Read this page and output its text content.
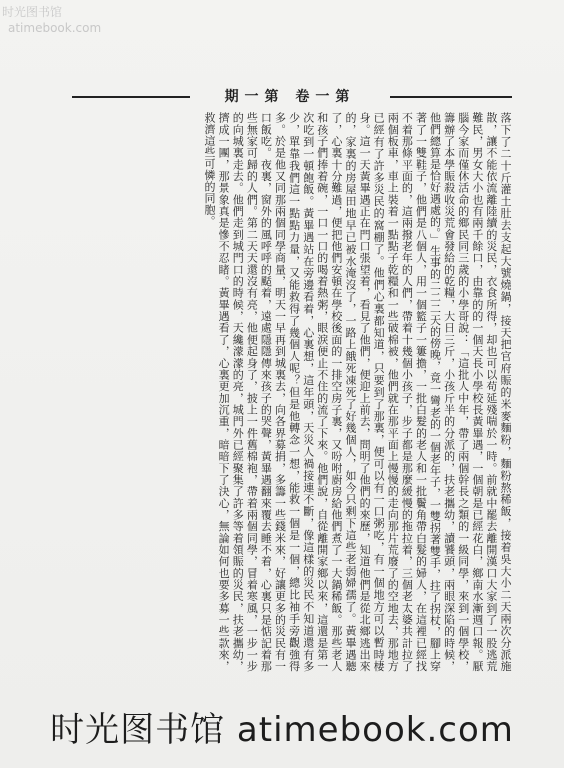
时光图书馆
atimebook.com
期一第 卷一第
落下了二十斤灌土肚去支起大號燒鍋，接天把官府賑的米麥麵粉，麵粉熬稀飯，接着吳大小二天兩次分派施散，讓不能依流離陸續的災民，衣食所得，却也可以苟延殘喘於一時。前就中罷去離開漢口大家到了一股逃荒難民，男女大小也有兩千餘口，由靠的的一個天長小學校長黃畢遇，一個朝是已經花白，鄉南水漸週口報。厭腦今家而僅休活命的鄉民同三歲的小學哥說：「這批人中年，帶了兩個幹長之類的一級同學，來到一個學校，籌辦了本學賑殺收災荒會發給的乾糧，大日三斤，小孩斤半的分派的，扶老攜幼，讀饕頭，兩眼深陷的時候，他們總算是恰好遇處的。」生事的二二二天的傍晚，竟一彎老的一個老年子，一雙拐著雙手，拄了拐杖，腳上穿著了一雙鞋子，他們是八個人，用一個籃子一簍擔，一批白髮的老人和一批鬢角帶白髮的婦人，在這裡已經找不着那條平面的，這兩撥老年的人們，帶着十幾個小孩子，步子都是那麼緩慢的拖拉着，三個老太婆共計拉了兩個板車，車上裝着一點點子乾糧和一些破棉被，他們就在那平面上慢慢的走向那片荒廢了的空地去，那地方已經有了許多災民的窩棚了。他們心裏都知道，只要到了那裏，便可以有一口粥吃，有一個地方可以暫時棲身。這一天黃畢遇正在門口張望着，看見了他們，便迎上前去，問明了他們的來歷，知道他們是從北鄉逃出來的，家裏的房屋田地早已被水淹沒了，一路上餓死凍死了好幾個人，如今只剩下這些老弱婦孺了。黃畢遇聽了，心裏十分難過，便把他們安頓在學校後面的一排空房子裏，又吩咐廚房給他們煮了一大鍋稀飯。那些老人和孩子們捧着碗，一口一口的喝着熱粥，眼淚便止不住的流了下來。他們說，自從離開家鄉以來，這還是第一次吃到一頓飽飯。黃畢遇站在旁邊看着，心裏想，這年頭，天災人禍接連不斷，像這樣的災民不知道還有多少，單靠我們這一點點力量，又能救得了幾個人呢？但是他轉念一想，能救一個是一個，總比袖手旁觀強得多。於是他又同那兩個同學商量，明天一早再到城裏去，向各界募捐，多籌一些錢米來，好讓更多的災民有一口飯吃。夜裏，窗外的風呼呼的颳着，遠處隱隱傳來孩子的哭聲，黃畢遇翻來覆去睡不着，心裏只是惦記着那些無家可歸的人們。第二天天還沒有亮，他便起身了，披上一件舊棉袍，帶着兩個同學，冒着寒風，一步一步的向城裏走去。他們走到城門口的時候，天纔濛濛的亮，城門外已經聚集了許多等着領賑的災民，扶老攜幼，擠成一團，那景象真是慘不忍睹。黃畢遇看了，心裏更加沉重，暗暗下了決心，無論如何也要多募一些款來，救濟這些可憐的同胞。
时光图书馆 atimebook.com
